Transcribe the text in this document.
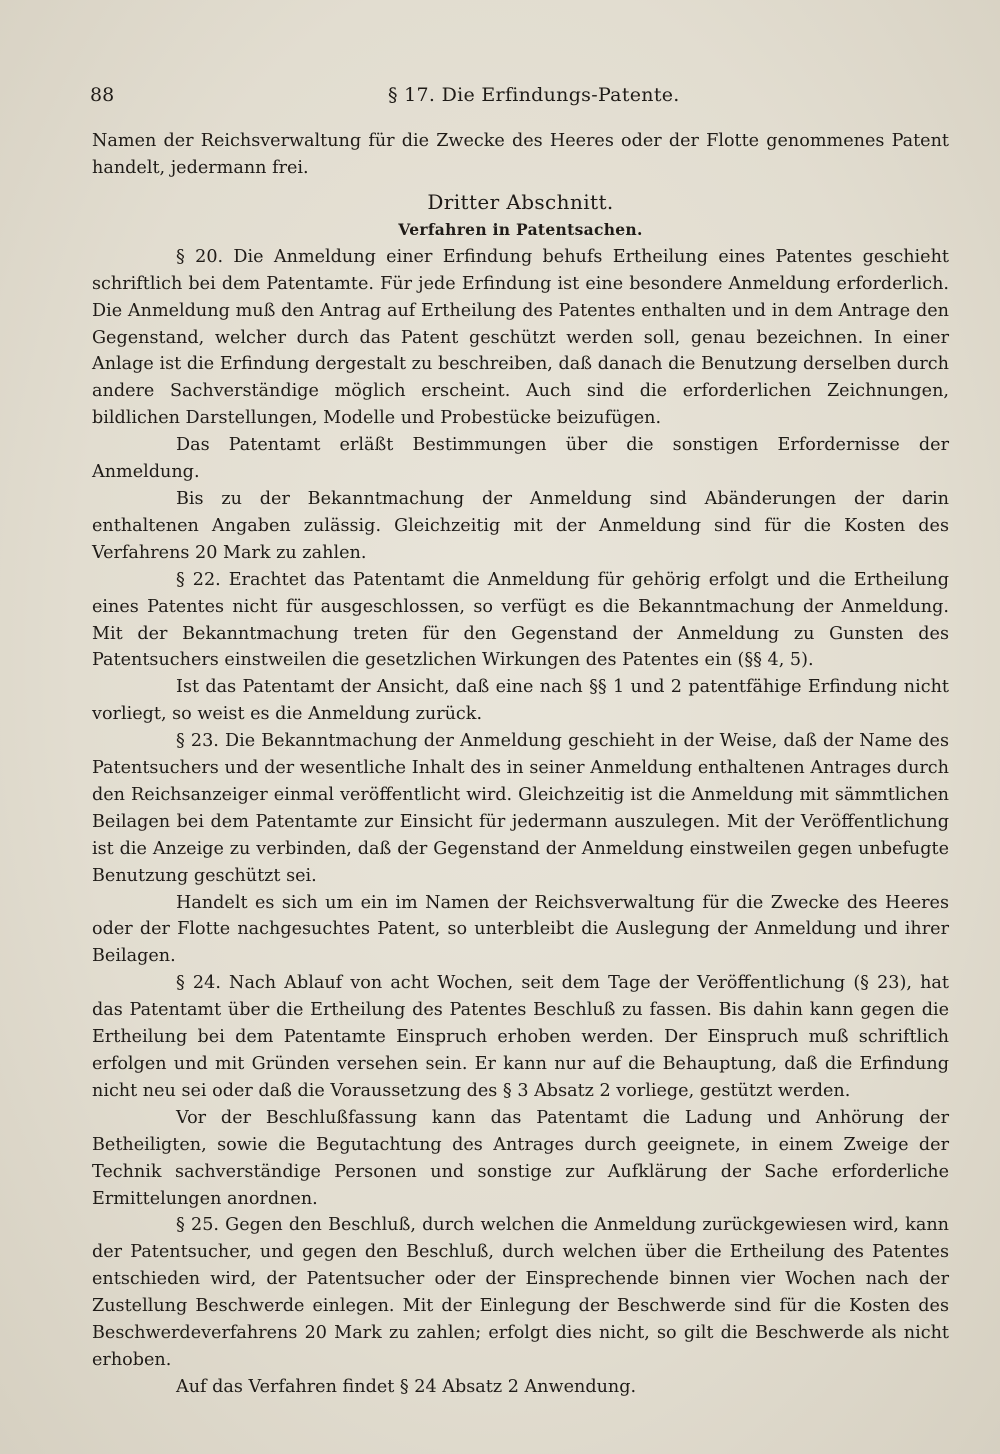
88	§ 17. Die Erfindungs-Patente.

Namen der Reichsverwaltung für die Zwecke des Heeres oder der Flotte genommenes Patent handelt, jedermann frei.

Dritter Abschnitt.
Verfahren in Patentsachen.

§ 20. Die Anmeldung einer Erfindung behufs Ertheilung eines Patentes geschieht schriftlich bei dem Patentamte. Für jede Erfindung ist eine besondere Anmeldung erforderlich. Die Anmeldung muß den Antrag auf Ertheilung des Patentes enthalten und in dem Antrage den Gegenstand, welcher durch das Patent geschützt werden soll, genau bezeichnen. In einer Anlage ist die Erfindung dergestalt zu beschreiben, daß danach die Benutzung derselben durch andere Sachverständige möglich erscheint. Auch sind die erforderlichen Zeichnungen, bildlichen Darstellungen, Modelle und Probestücke beizufügen.

Das Patentamt erläßt Bestimmungen über die sonstigen Erfordernisse der Anmeldung.

Bis zu der Bekanntmachung der Anmeldung sind Abänderungen der darin enthaltenen Angaben zulässig. Gleichzeitig mit der Anmeldung sind für die Kosten des Verfahrens 20 Mark zu zahlen.

§ 22. Erachtet das Patentamt die Anmeldung für gehörig erfolgt und die Ertheilung eines Patentes nicht für ausgeschlossen, so verfügt es die Bekanntmachung der Anmeldung. Mit der Bekanntmachung treten für den Gegenstand der Anmeldung zu Gunsten des Patentsuchers einstweilen die gesetzlichen Wirkungen des Patentes ein (§§ 4, 5).

Ist das Patentamt der Ansicht, daß eine nach §§ 1 und 2 patentfähige Erfindung nicht vorliegt, so weist es die Anmeldung zurück.

§ 23. Die Bekanntmachung der Anmeldung geschieht in der Weise, daß der Name des Patentsuchers und der wesentliche Inhalt des in seiner Anmeldung enthaltenen Antrages durch den Reichsanzeiger einmal veröffentlicht wird. Gleichzeitig ist die Anmeldung mit sämmtlichen Beilagen bei dem Patentamte zur Einsicht für jedermann auszulegen. Mit der Veröffentlichung ist die Anzeige zu verbinden, daß der Gegenstand der Anmeldung einstweilen gegen unbefugte Benutzung geschützt sei.

Handelt es sich um ein im Namen der Reichsverwaltung für die Zwecke des Heeres oder der Flotte nachgesuchtes Patent, so unterbleibt die Auslegung der Anmeldung und ihrer Beilagen.

§ 24. Nach Ablauf von acht Wochen, seit dem Tage der Veröffentlichung (§ 23), hat das Patentamt über die Ertheilung des Patentes Beschluß zu fassen. Bis dahin kann gegen die Ertheilung bei dem Patentamte Einspruch erhoben werden. Der Einspruch muß schriftlich erfolgen und mit Gründen versehen sein. Er kann nur auf die Behauptung, daß die Erfindung nicht neu sei oder daß die Voraussetzung des § 3 Absatz 2 vorliege, gestützt werden.

Vor der Beschlußfassung kann das Patentamt die Ladung und Anhörung der Betheiligten, sowie die Begutachtung des Antrages durch geeignete, in einem Zweige der Technik sachverständige Personen und sonstige zur Aufklärung der Sache erforderliche Ermittelungen anordnen.

§ 25. Gegen den Beschluß, durch welchen die Anmeldung zurückgewiesen wird, kann der Patentsucher, und gegen den Beschluß, durch welchen über die Ertheilung des Patentes entschieden wird, der Patentsucher oder der Einsprechende binnen vier Wochen nach der Zustellung Beschwerde einlegen. Mit der Einlegung der Beschwerde sind für die Kosten des Beschwerdeverfahrens 20 Mark zu zahlen; erfolgt dies nicht, so gilt die Beschwerde als nicht erhoben.

Auf das Verfahren findet § 24 Absatz 2 Anwendung.
